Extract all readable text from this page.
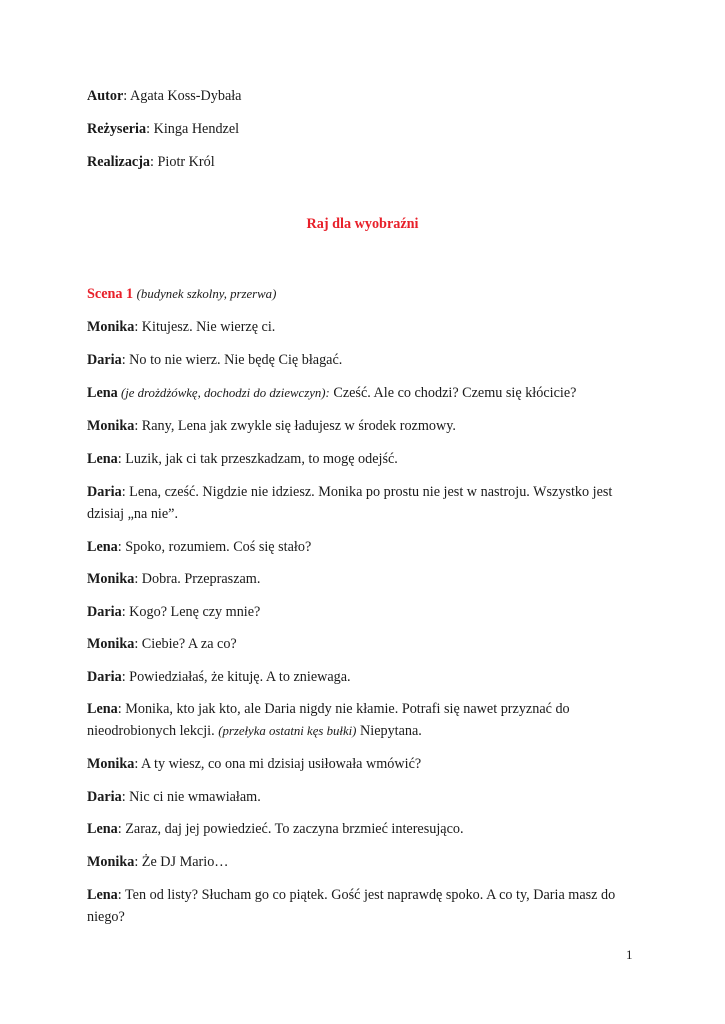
Autor: Agata Koss-Dybała

Reżyseria: Kinga Hendzel

Realizacja: Piotr Król

Raj dla wyobraźni

Scena 1 (budynek szkolny, przerwa)

Monika: Kitujesz. Nie wierzę ci.

Daria: No to nie wierz. Nie będę Cię błagać.

Lena (je drożdżówkę, dochodzi do dziewczyn): Cześć. Ale co chodzi? Czemu się kłócicie?

Monika: Rany, Lena jak zwykle się ładujesz w środek rozmowy.

Lena: Luzik, jak ci tak przeszkadzam, to mogę odejść.

Daria: Lena, cześć. Nigdzie nie idziesz. Monika po prostu nie jest w nastroju. Wszystko jest dzisiaj „na nie”.

Lena: Spoko, rozumiem. Coś się stało?

Monika: Dobra. Przepraszam.

Daria: Kogo? Lenę czy mnie?

Monika: Ciebie? A za co?

Daria: Powiedziałaś, że kituję. A to zniewaga.

Lena: Monika, kto jak kto, ale Daria nigdy nie kłamie. Potrafi się nawet przyznać do nieodrobionych lekcji. (przełyka ostatni kęs bułki) Niepytana.

Monika: A ty wiesz, co ona mi dzisiaj usiłowała wmówić?

Daria: Nic ci nie wmawiałam.

Lena: Zaraz, daj jej powiedzieć. To zaczyna brzmieć interesująco.

Monika: Że DJ Mario…

Lena: Ten od listy? Słucham go co piątek. Gość jest naprawdę spoko. A co ty, Daria masz do niego?

1
